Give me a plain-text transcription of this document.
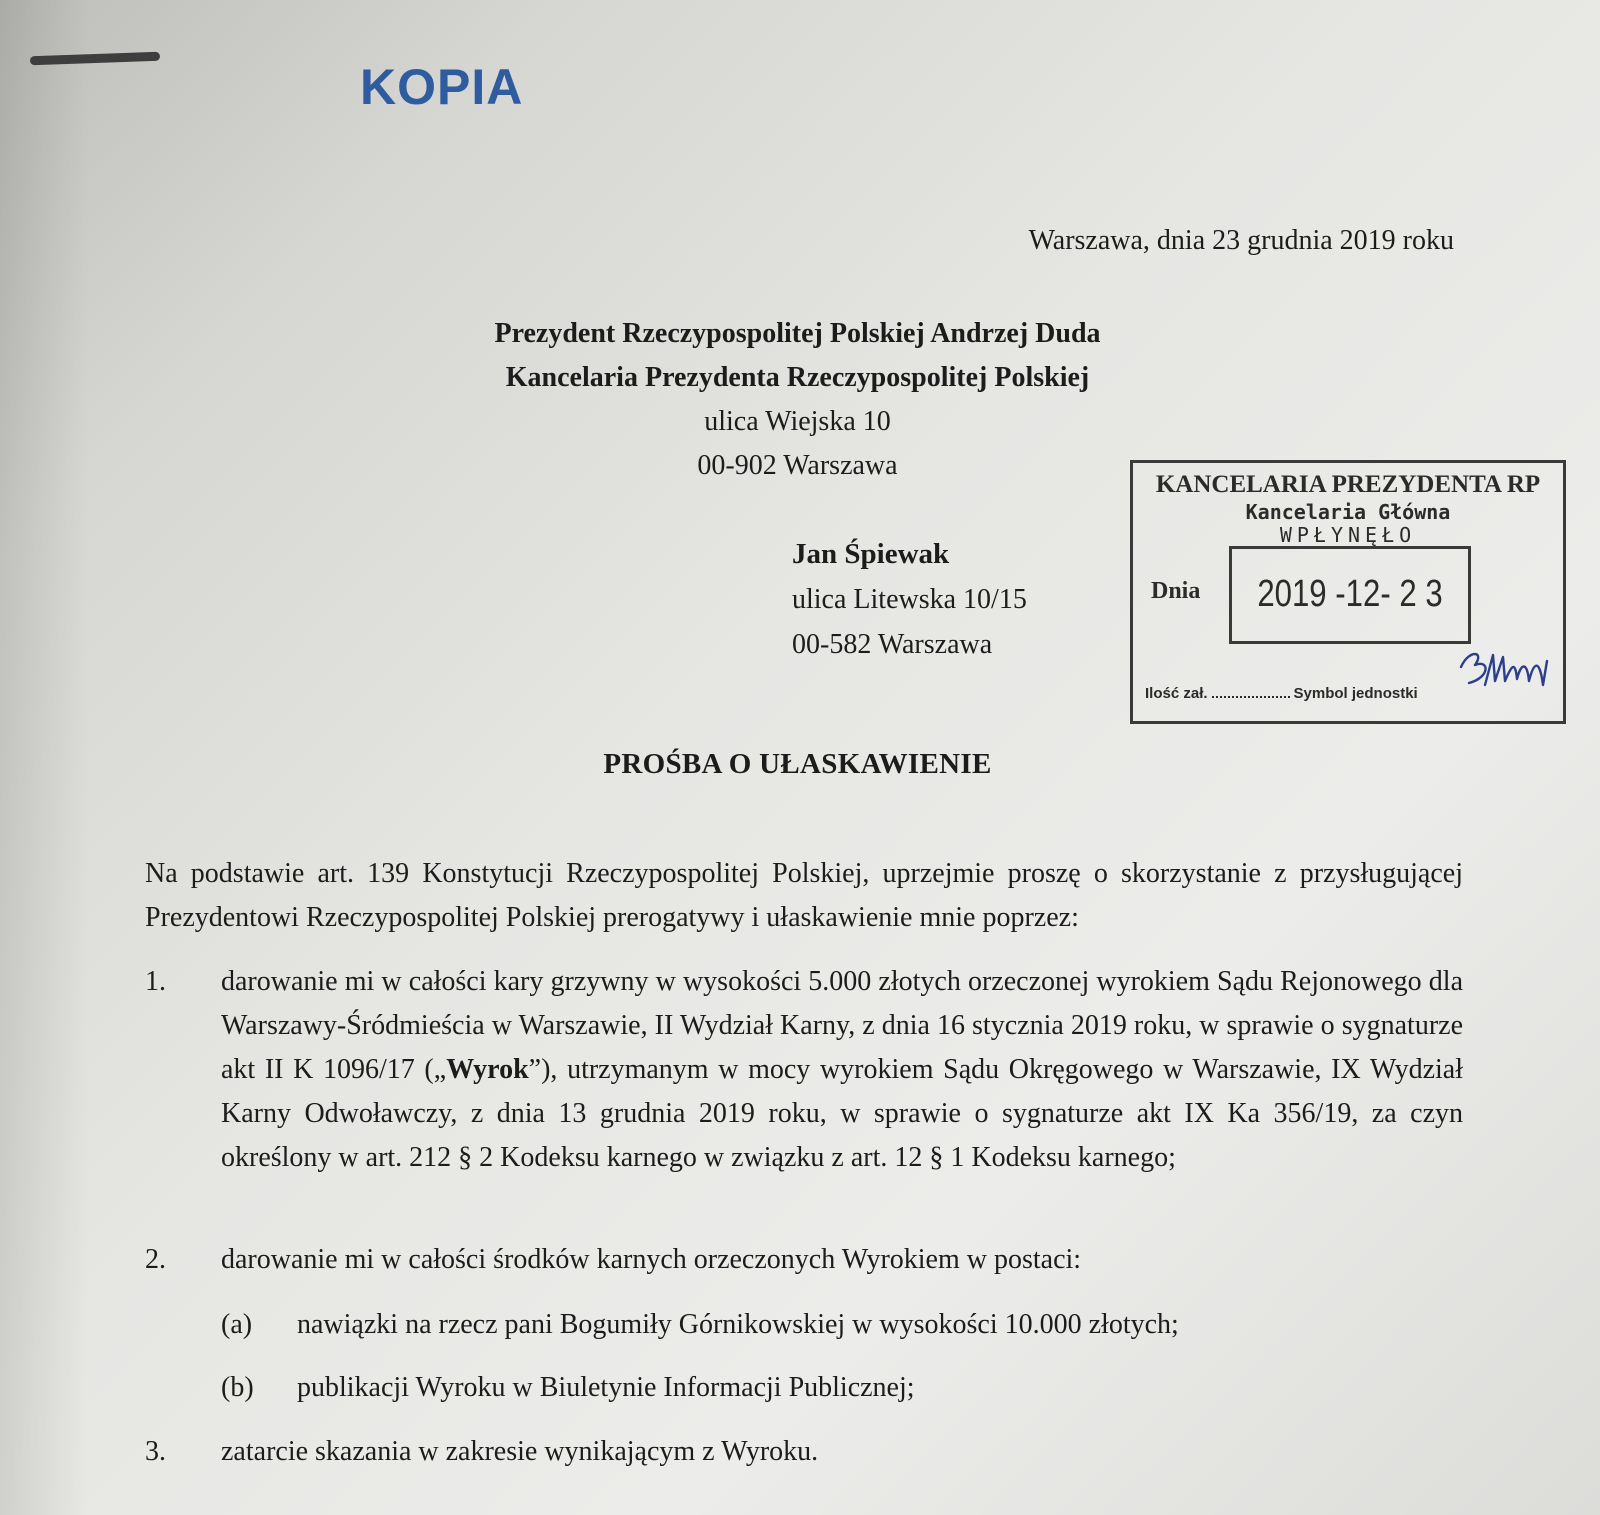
KOPIA
Warszawa, dnia 23 grudnia 2019 roku
Prezydent Rzeczypospolitej Polskiej Andrzej Duda
Kancelaria Prezydenta Rzeczypospolitej Polskiej
ulica Wiejska 10
00-902 Warszawa
Jan Śpiewak
ulica Litewska 10/15
00-582 Warszawa
KANCELARIA PREZYDENTA RP
Kancelaria Główna
WPŁYNĘŁO
Dnia 2019 -12- 2 3
Ilość zał.	Symbol jednostki
PROŚBA O UŁASKAWIENIE
Na podstawie art. 139 Konstytucji Rzeczypospolitej Polskiej, uprzejmie proszę o skorzystanie z przysługującej Prezydentowi Rzeczypospolitej Polskiej prerogatywy i ułaskawienie mnie poprzez:
1. darowanie mi w całości kary grzywny w wysokości 5.000 złotych orzeczonej wyrokiem Sądu Rejonowego dla Warszawy-Śródmieścia w Warszawie, II Wydział Karny, z dnia 16 stycznia 2019 roku, w sprawie o sygnaturze akt II K 1096/17 („Wyrok”), utrzymanym w mocy wyrokiem Sądu Okręgowego w Warszawie, IX Wydział Karny Odwoławczy, z dnia 13 grudnia 2019 roku, w sprawie o sygnaturze akt IX Ka 356/19, za czyn określony w art. 212 § 2 Kodeksu karnego w związku z art. 12 § 1 Kodeksu karnego;
2. darowanie mi w całości środków karnych orzeczonych Wyrokiem w postaci:
(a) nawiązki na rzecz pani Bogumiły Górnikowskiej w wysokości 10.000 złotych;
(b) publikacji Wyroku w Biuletynie Informacji Publicznej;
3. zatarcie skazania w zakresie wynikającym z Wyroku.
